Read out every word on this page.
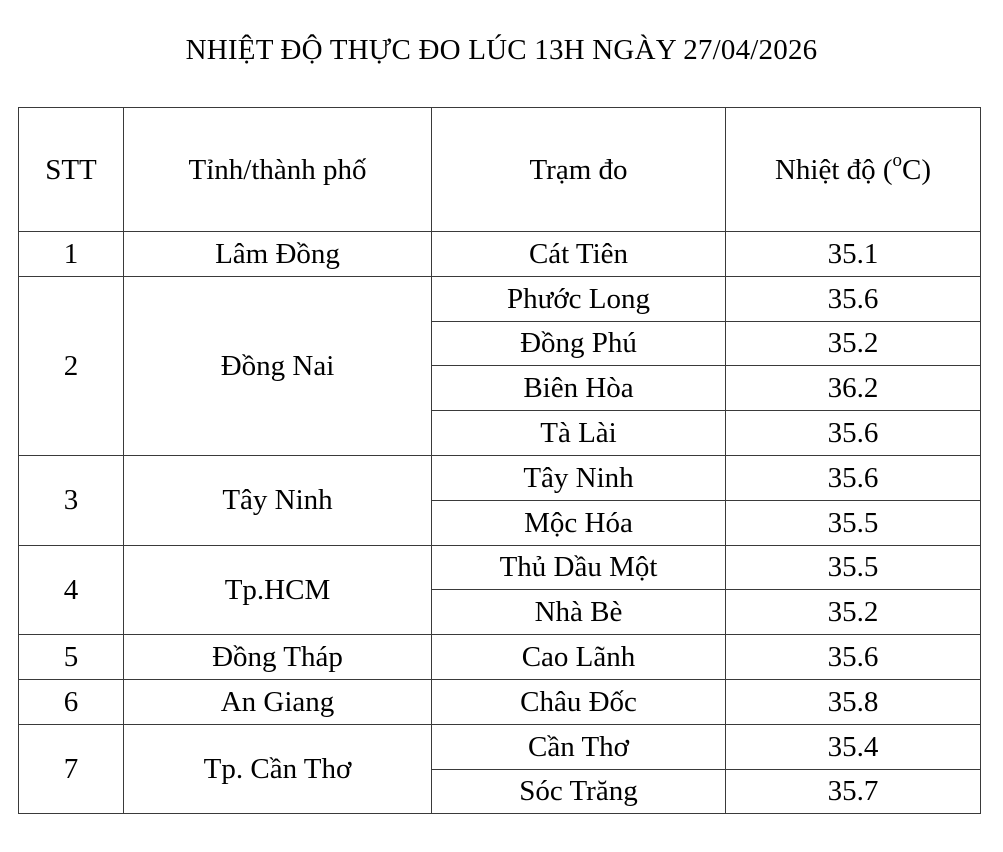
NHIỆT ĐỘ THỰC ĐO LÚC 13H NGÀY 27/04/2026
STT	Tỉnh/thành phố	Trạm đo	Nhiệt độ ($^o$C)
1	Lâm Đồng	Cát Tiên	35.1
2	Đồng Nai	Phước Long	35.6
		Đồng Phú	35.2
		Biên Hòa	36.2
		Tà Lài	35.6
3	Tây Ninh	Tây Ninh	35.6
		Mộc Hóa	35.5
4	Tp.HCM	Thủ Dầu Một	35.5
		Nhà Bè	35.2
5	Đồng Tháp	Cao Lãnh	35.6
6	An Giang	Châu Đốc	35.8
7	Tp. Cần Thơ	Cần Thơ	35.4
		Sóc Trăng	35.7
